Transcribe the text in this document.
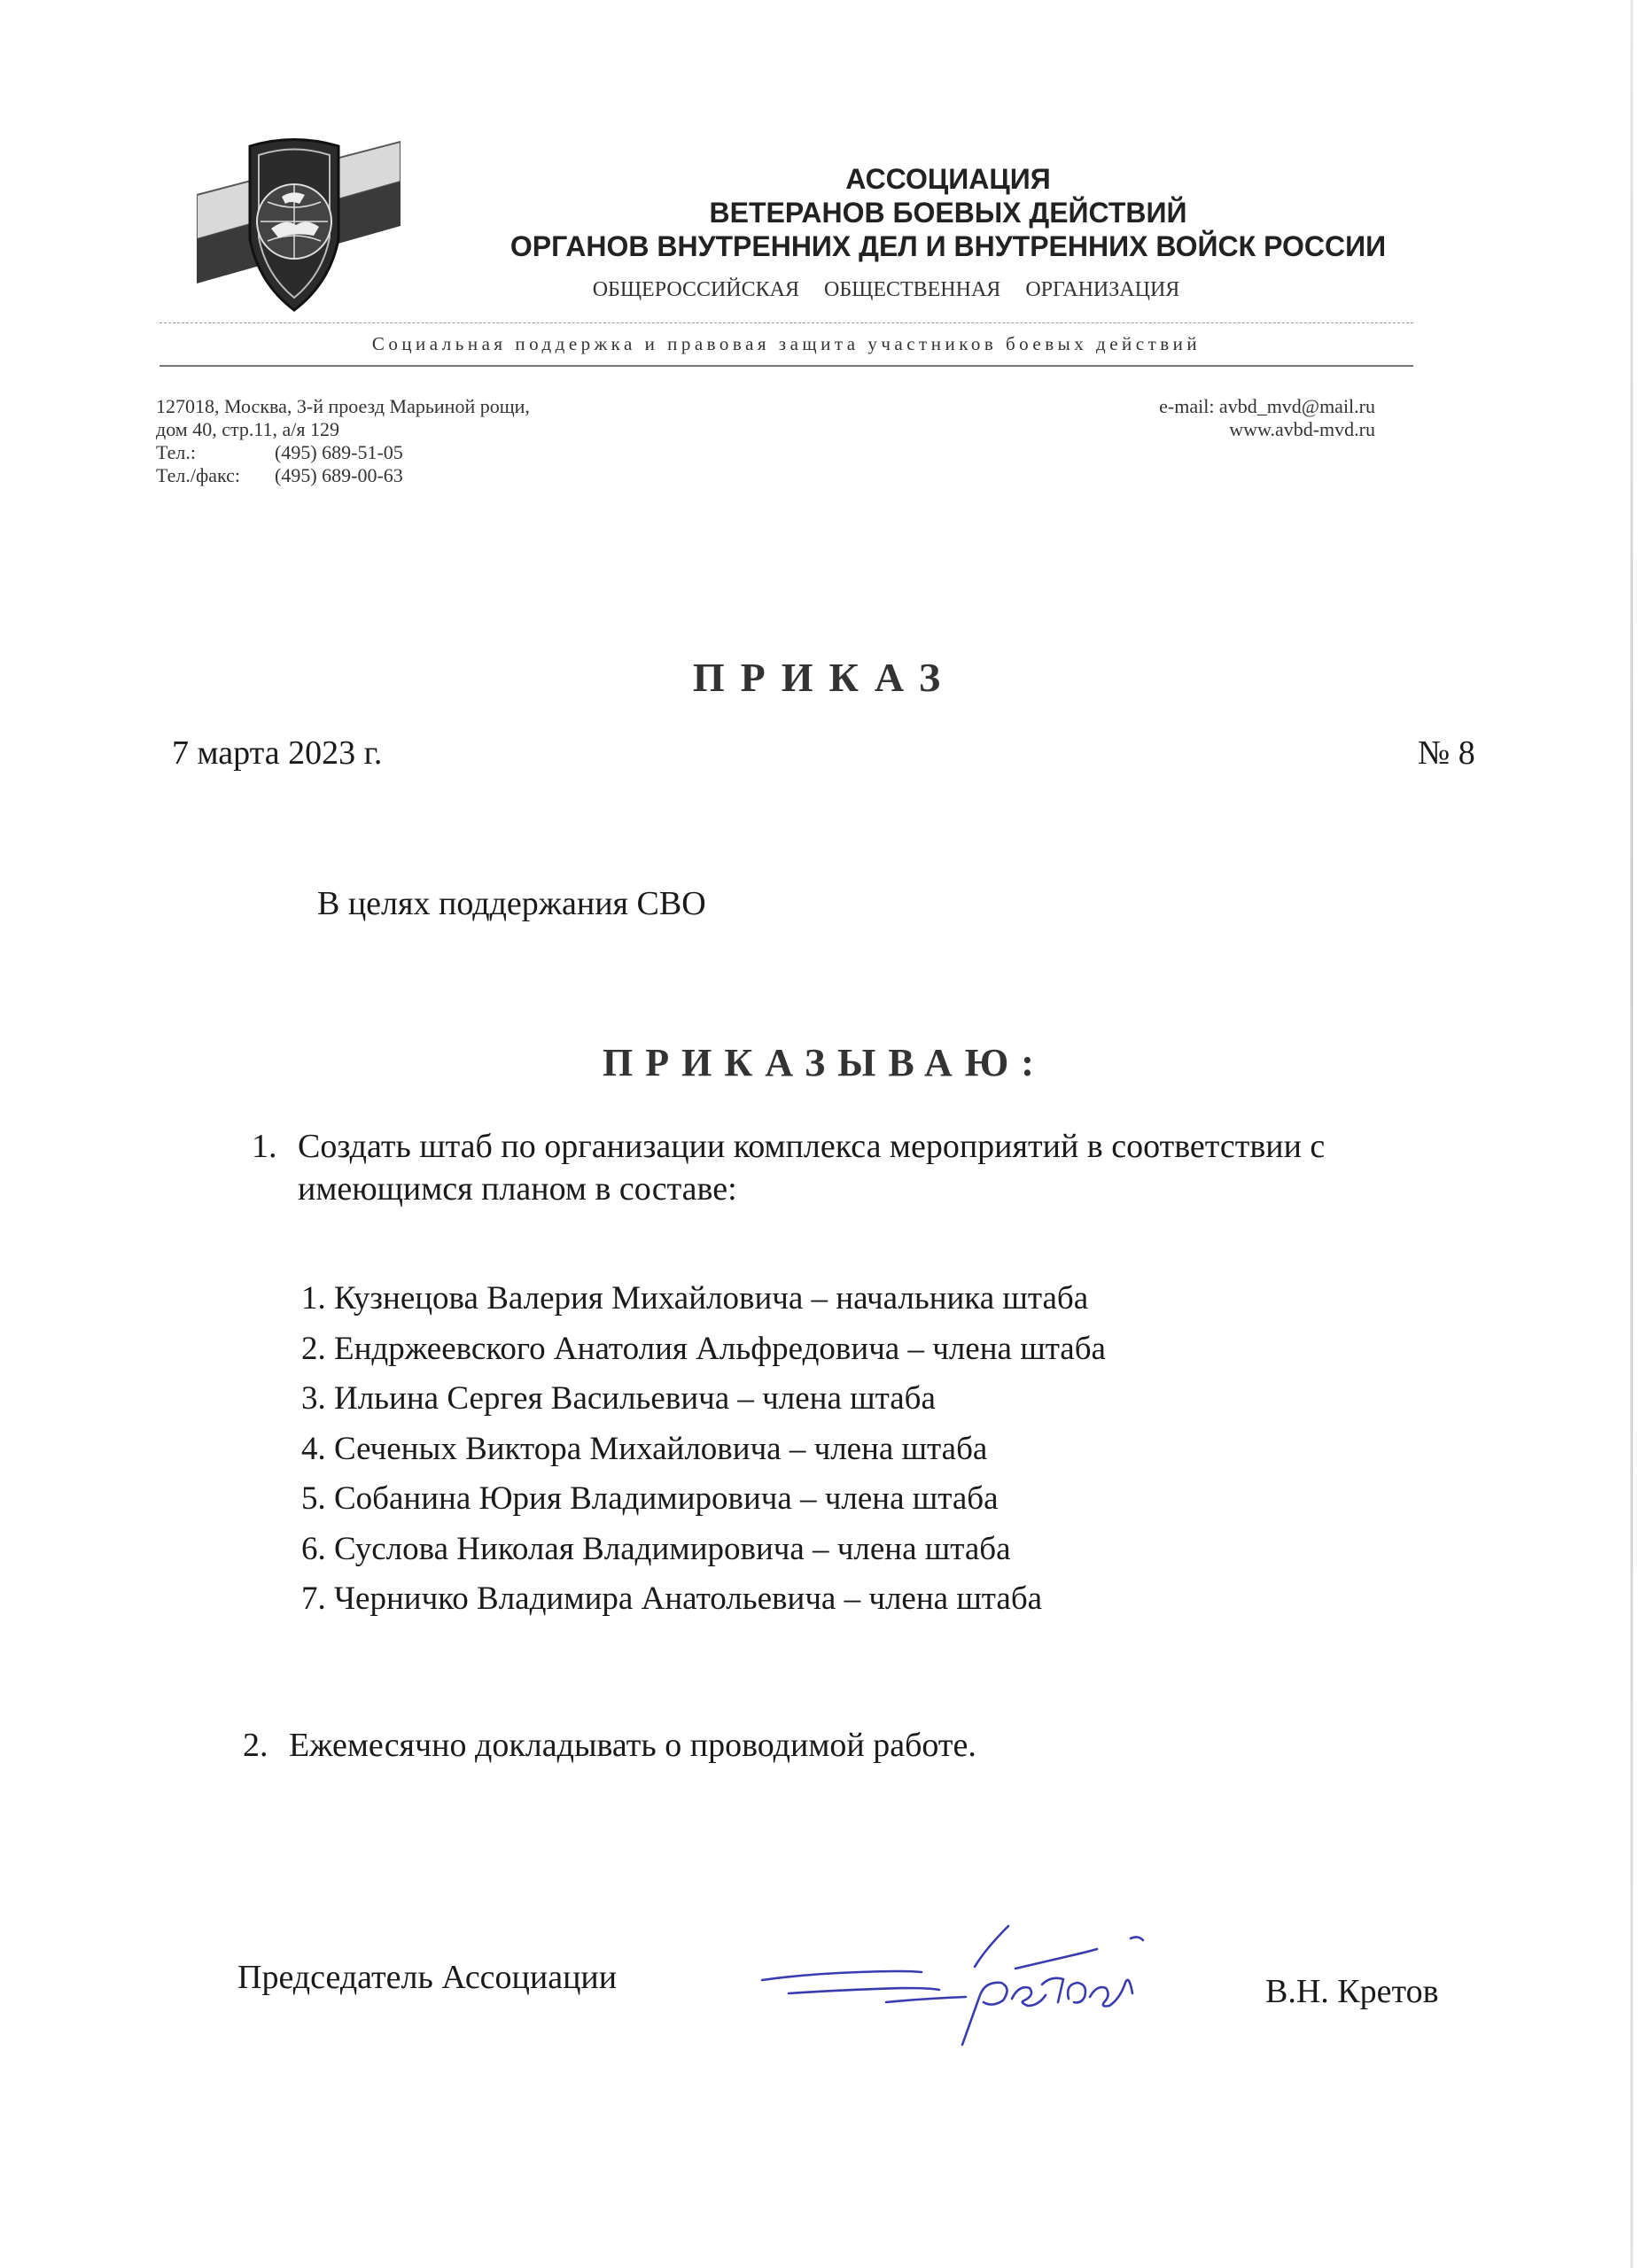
АССОЦИАЦИЯ
ВЕТЕРАНОВ БОЕВЫХ ДЕЙСТВИЙ
ОРГАНОВ ВНУТРЕННИХ ДЕЛ И ВНУТРЕННИХ ВОЙСК РОССИИ
ОБЩЕРОССИЙСКАЯ ОБЩЕСТВЕННАЯ ОРГАНИЗАЦИЯ
Социальная поддержка и правовая защита участников боевых действий
127018, Москва, 3-й проезд Марьиной рощи,
дом 40, стр.11, а/я 129
Тел.:	(495) 689-51-05
Тел./факс:	(495) 689-00-63
e-mail: avbd_mvd@mail.ru
www.avbd-mvd.ru
ПРИКАЗ
7 марта 2023 г.	№ 8
В целях поддержания СВО
ПРИКАЗЫВАЮ:
1. Создать штаб по организации комплекса мероприятий в соответствии с
имеющимся планом в составе:
1. Кузнецова Валерия Михайловича – начальника штаба
2. Ендржеевского Анатолия Альфредовича – члена штаба
3. Ильина Сергея Васильевича – члена штаба
4. Сеченых Виктора Михайловича – члена штаба
5. Собанина Юрия Владимировича – члена штаба
6. Суслова Николая Владимировича – члена штаба
7. Черничко Владимира Анатольевича – члена штаба
2. Ежемесячно докладывать о проводимой работе.
Председатель Ассоциации	В.Н. Кретов
